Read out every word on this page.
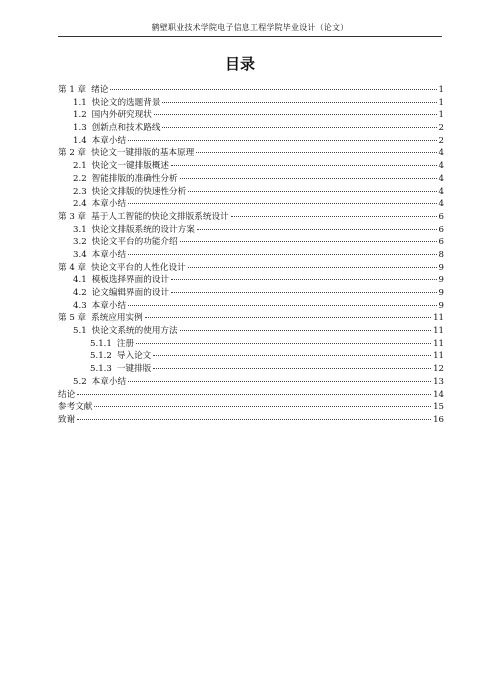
鹤壁职业技术学院电子信息工程学院毕业设计（论文）
目录
第 1 章 绪论	1
1.1 快论文的选题背景	1
1.2 国内外研究现状	1
1.3 创新点和技术路线	2
1.4 本章小结	2
第 2 章 快论文一键排版的基本原理	4
2.1 快论文一键排版概述	4
2.2 智能排版的准确性分析	4
2.3 快论文排版的快速性分析	4
2.4 本章小结	4
第 3 章 基于人工智能的快论文排版系统设计	6
3.1 快论文排版系统的设计方案	6
3.2 快论文平台的功能介绍	6
3.4 本章小结	8
第 4 章 快论文平台的人性化设计	9
4.1 模板选择界面的设计	9
4.2 论文编辑界面的设计	9
4.3 本章小结	9
第 5 章 系统应用实例	11
5.1 快论文系统的使用方法	11
5.1.1 注册	11
5.1.2 导入论文	11
5.1.3 一键排版	12
5.2 本章小结	13
结论	14
参考文献	15
致谢	16
